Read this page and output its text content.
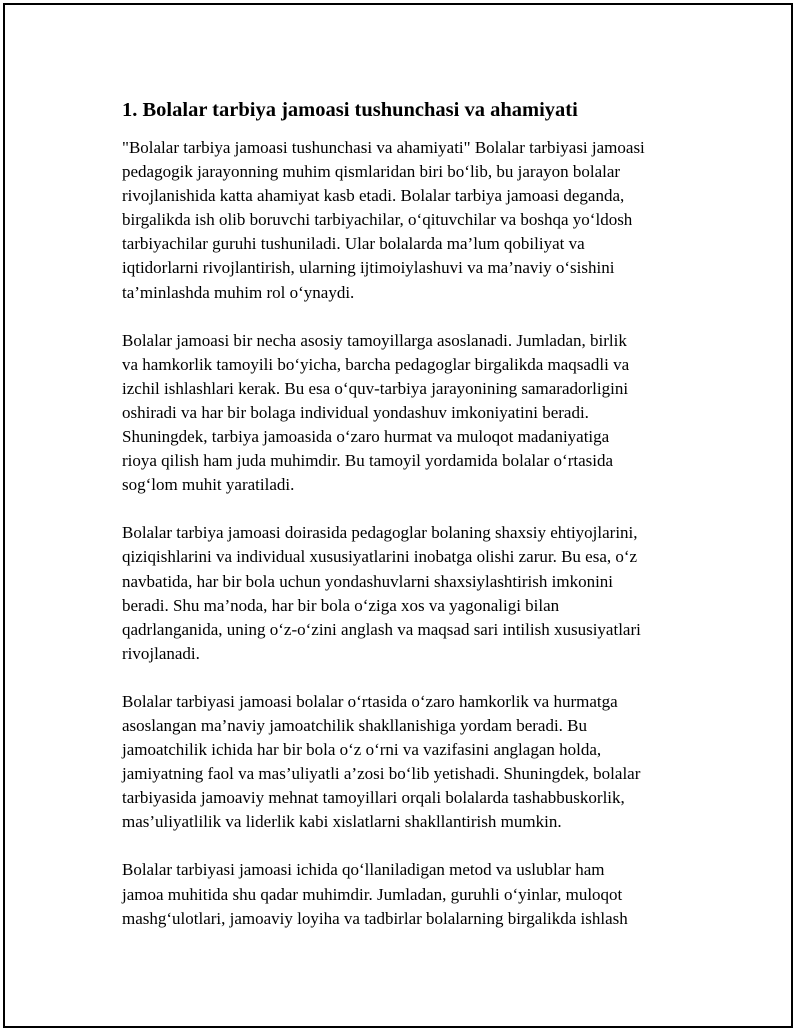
1. Bolalar tarbiya jamoasi tushunchasi va ahamiyati
"Bolalar tarbiya jamoasi tushunchasi va ahamiyati" Bolalar tarbiyasi jamoasi
pedagogik jarayonning muhim qismlaridan biri bo‘lib, bu jarayon bolalar
rivojlanishida katta ahamiyat kasb etadi. Bolalar tarbiya jamoasi deganda,
birgalikda ish olib boruvchi tarbiyachilar, o‘qituvchilar va boshqa yo‘ldosh
tarbiyachilar guruhi tushuniladi. Ular bolalarda ma’lum qobiliyat va
iqtidorlarni rivojlantirish, ularning ijtimoiylashuvi va ma’naviy o‘sishini
ta’minlashda muhim rol o‘ynaydi.
Bolalar jamoasi bir necha asosiy tamoyillarga asoslanadi. Jumladan, birlik
va hamkorlik tamoyili bo‘yicha, barcha pedagoglar birgalikda maqsadli va
izchil ishlashlari kerak. Bu esa o‘quv-tarbiya jarayonining samaradorligini
oshiradi va har bir bolaga individual yondashuv imkoniyatini beradi.
Shuningdek, tarbiya jamoasida o‘zaro hurmat va muloqot madaniyatiga
rioya qilish ham juda muhimdir. Bu tamoyil yordamida bolalar o‘rtasida
sog‘lom muhit yaratiladi.
Bolalar tarbiya jamoasi doirasida pedagoglar bolaning shaxsiy ehtiyojlarini,
qiziqishlarini va individual xususiyatlarini inobatga olishi zarur. Bu esa, o‘z
navbatida, har bir bola uchun yondashuvlarni shaxsiylashtirish imkonini
beradi. Shu ma’noda, har bir bola o‘ziga xos va yagonaligi bilan
qadrlanganida, uning o‘z-o‘zini anglash va maqsad sari intilish xususiyatlari
rivojlanadi.
Bolalar tarbiyasi jamoasi bolalar o‘rtasida o‘zaro hamkorlik va hurmatga
asoslangan ma’naviy jamoatchilik shakllanishiga yordam beradi. Bu
jamoatchilik ichida har bir bola o‘z o‘rni va vazifasini anglagan holda,
jamiyatning faol va mas’uliyatli a’zosi bo‘lib yetishadi. Shuningdek, bolalar
tarbiyasida jamoaviy mehnat tamoyillari orqali bolalarda tashabbuskorlik,
mas’uliyatlilik va liderlik kabi xislatlarni shakllantirish mumkin.
Bolalar tarbiyasi jamoasi ichida qo‘llaniladigan metod va uslublar ham
jamoa muhitida shu qadar muhimdir. Jumladan, guruhli o‘yinlar, muloqot
mashg‘ulotlari, jamoaviy loyiha va tadbirlar bolalarning birgalikda ishlash
